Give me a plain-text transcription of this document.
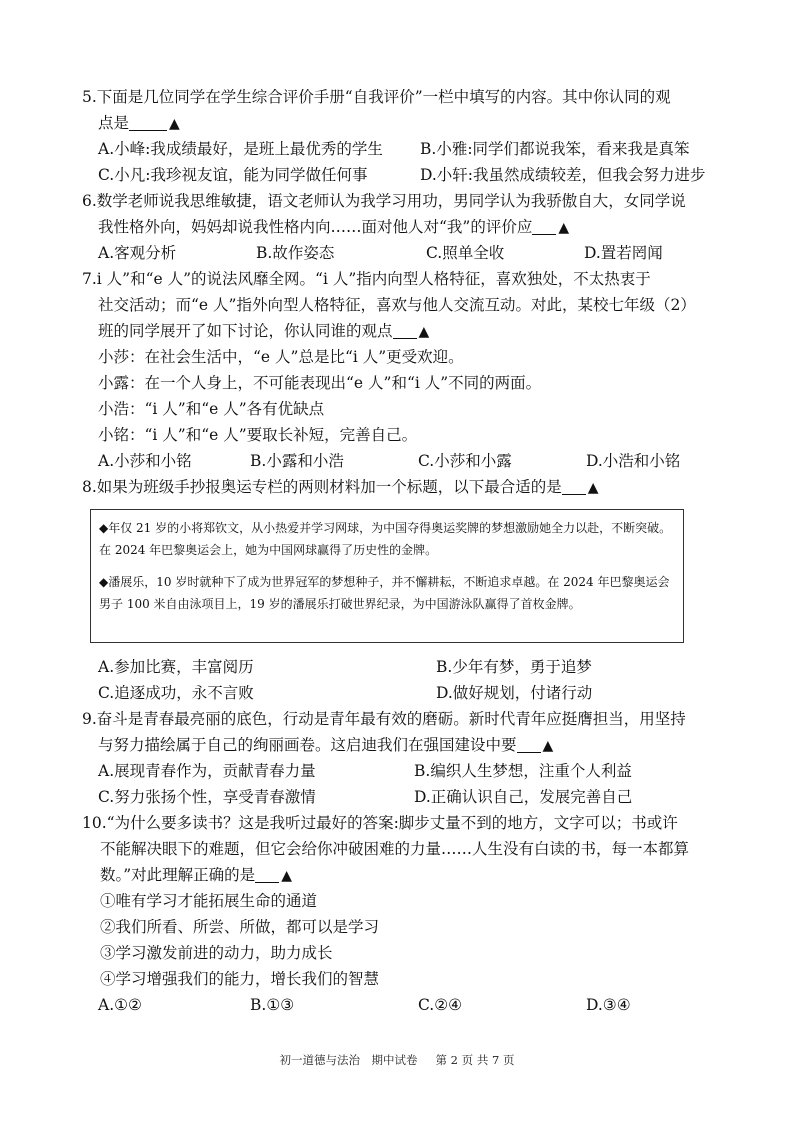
5.下面是几位同学在学生综合评价手册“自我评价”一栏中填写的内容。其中你认同的观
点是	▲
A.小峰:我成绩最好，是班上最优秀的学生	B.小雅:同学们都说我笨，看来我是真笨
C.小凡:我珍视友谊，能为同学做任何事	D.小轩:我虽然成绩较差，但我会努力进步
6.数学老师说我思维敏捷，语文老师认为我学习用功，男同学认为我骄傲自大，女同学说
我性格外向，妈妈却说我性格内向……面对他人对“我”的评价应 ▲
A.客观分析	B.故作姿态	C.照单全收	D.置若罔闻
7.i 人”和“e 人”的说法风靡全网。“i 人”指内向型人格特征，喜欢独处，不太热衷于
社交活动；而“e 人”指外向型人格特征，喜欢与他人交流互动。对此，某校七年级（2）
班的同学展开了如下讨论，你认同谁的观点 ▲
小莎：在社会生活中，“e 人”总是比“i 人”更受欢迎。
小露：在一个人身上，不可能表现出“e 人”和“i 人”不同的两面。
小浩：“i 人”和“e 人”各有优缺点
小铭：“i 人”和“e 人”要取长补短，完善自己。
A.小莎和小铭	B.小露和小浩	C.小莎和小露	D.小浩和小铭
8.如果为班级手抄报奥运专栏的两则材料加一个标题，以下最合适的是 ▲

◆年仅 21 岁的小将郑钦文，从小热爱并学习网球，为中国夺得奥运奖牌的梦想激励她全力以赴，不断突破。在 2024 年巴黎奥运会上，她为中国网球赢得了历史性的金牌。

◆潘展乐，10 岁时就种下了成为世界冠军的梦想种子，并不懈耕耘，不断追求卓越。在 2024 年巴黎奥运会男子 100 米自由泳项目上，19 岁的潘展乐打破世界纪录，为中国游泳队赢得了首枚金牌。

A.参加比赛，丰富阅历	B.少年有梦，勇于追梦
C.追逐成功，永不言败	D.做好规划，付诸行动
9.奋斗是青春最亮丽的底色，行动是青年最有效的磨砺。新时代青年应挺膺担当，用坚持
与努力描绘属于自己的绚丽画卷。这启迪我们在强国建设中要 ▲
A.展现青春作为，贡献青春力量	B.编织人生梦想，注重个人利益
C.努力张扬个性，享受青春激情	D.正确认识自己，发展完善自己
10.“为什么要多读书？这是我听过最好的答案:脚步丈量不到的地方，文字可以；书或许
不能解决眼下的难题，但它会给你冲破困难的力量……人生没有白读的书，每一本都算
数。”对此理解正确的是 ▲
①唯有学习才能拓展生命的通道
②我们所看、所尝、所做，都可以是学习
③学习激发前进的动力，助力成长
④学习增强我们的能力，增长我们的智慧
A.①②	B.①③	C.②④	D.③④
初一道德与法治　期中试卷 第 2 页 共 7 页
